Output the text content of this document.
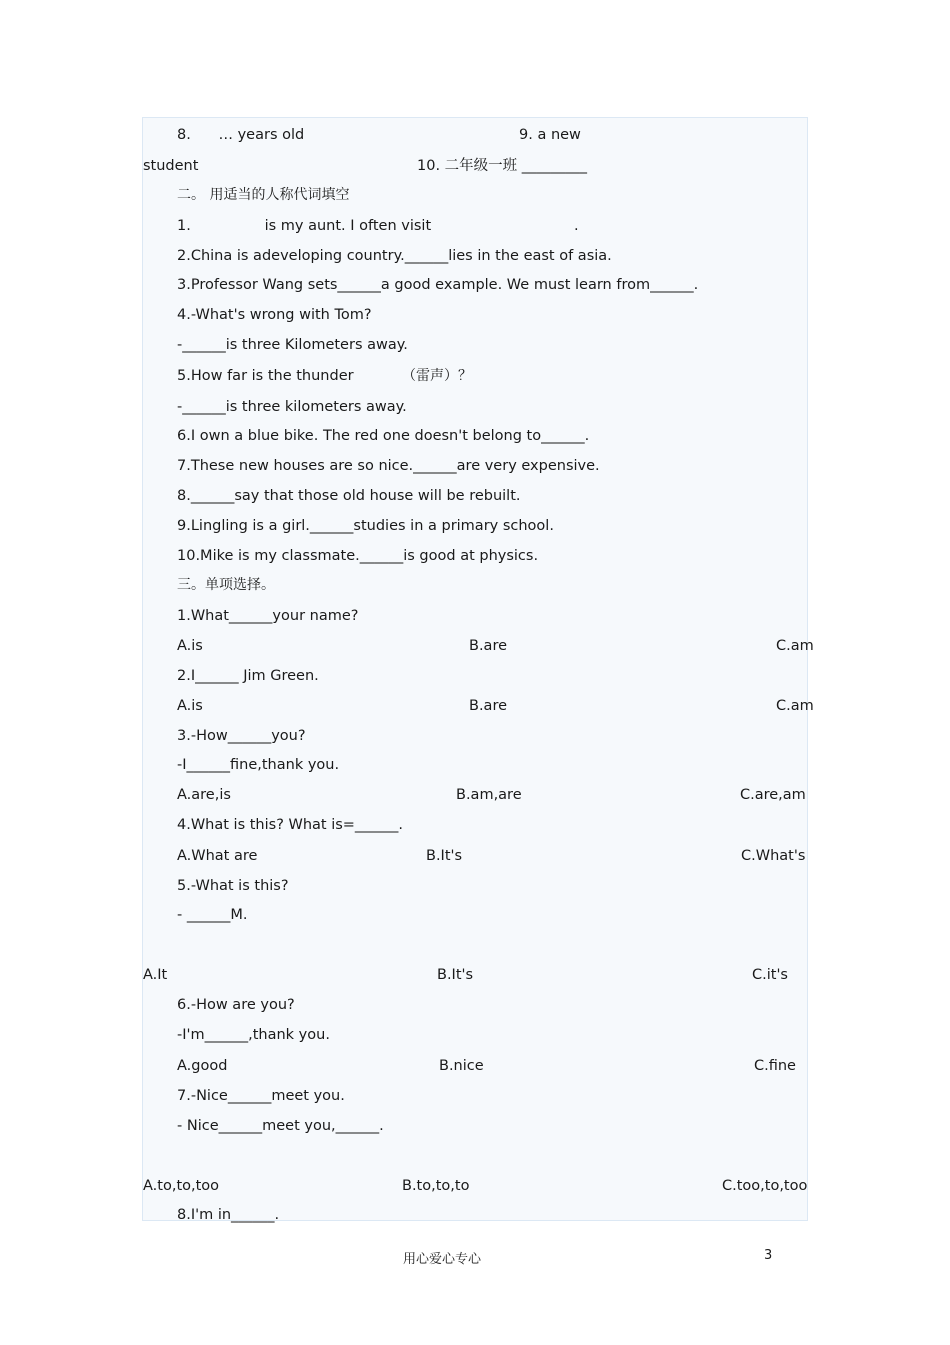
8.      … years old	9. a new
student	10. 二年级一班 _________
二。 用适当的人称代词填空
1.                is my aunt. I often visit                               .
2.China is adeveloping country.______lies in the east of asia.
3.Professor Wang sets______a good example. We must learn from______.
4.-What's wrong with Tom?
-______is three Kilometers away.
5.How far is the thunder	（雷声）？
-______is three kilometers away.
6.I own a blue bike. The red one doesn't belong to______.
7.These new houses are so nice.______are very expensive.
8.______say that those old house will be rebuilt.
9.Lingling is a girl.______studies in a primary school.
10.Mike is my classmate.______is good at physics.
三。单项选择。
1.What______your name?
A.is	B.are	C.am
2.I______ Jim Green.
A.is	B.are	C.am
3.-How______you?
-I______fine,thank you.
A.are,is	B.am,are	C.are,am
4.What is this? What is=______.
A.What are	B.It's	C.What's
5.-What is this?
- ______M.
A.It	B.It's	C.it's
6.-How are you?
-I'm______,thank you.
A.good	B.nice	C.fine
7.-Nice______meet you.
- Nice______meet you,______.
A.to,to,too	B.to,to,to	C.too,to,too
8.I'm in______.
用心爱心专心	3
